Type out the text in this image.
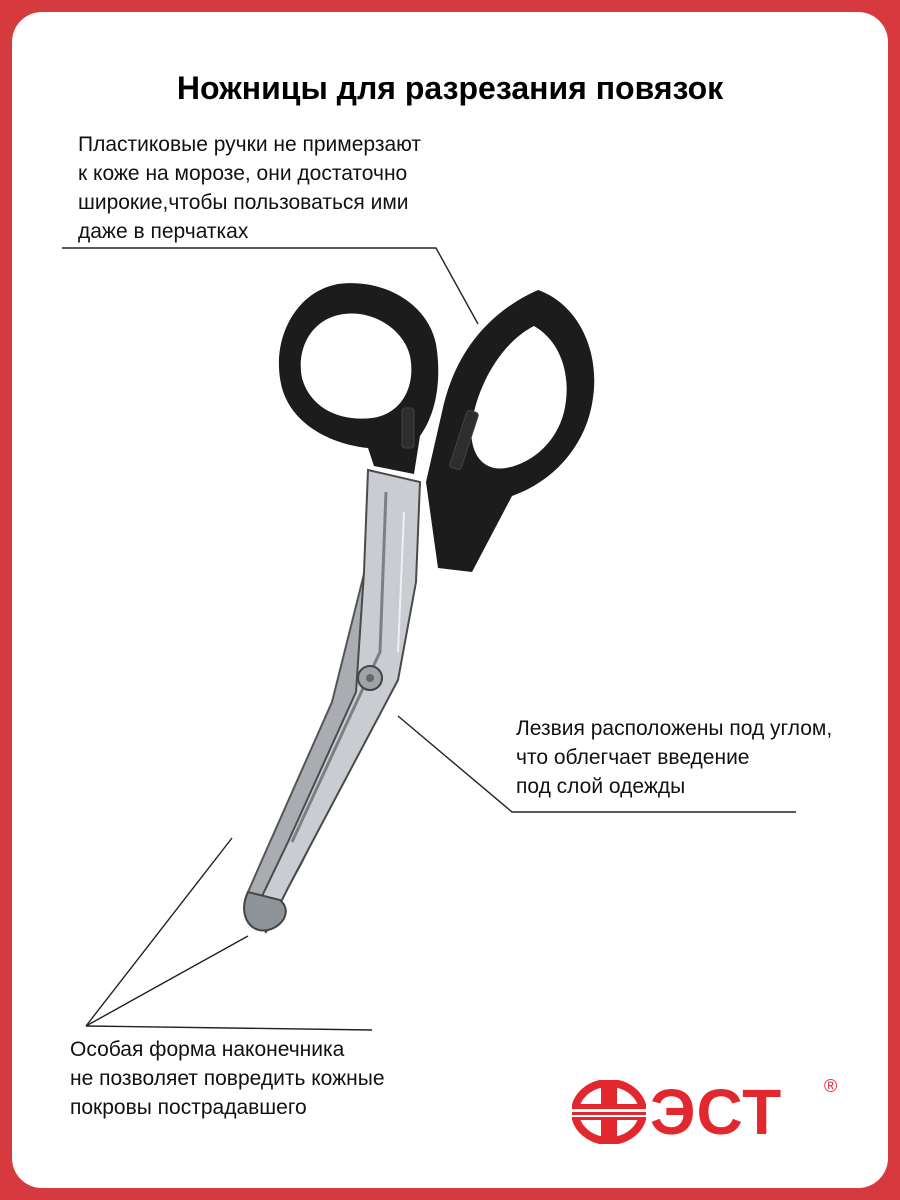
Ножницы для разрезания повязок

Пластиковые ручки не примерзают
к коже на морозе, они достаточно
широкие,чтобы пользоваться ими
даже в перчатках

Лезвия расположены под углом,
что облегчает введение
под слой одежды

Особая форма наконечника
не позволяет повредить кожные
покровы пострадавшего	ЭСТ ®
